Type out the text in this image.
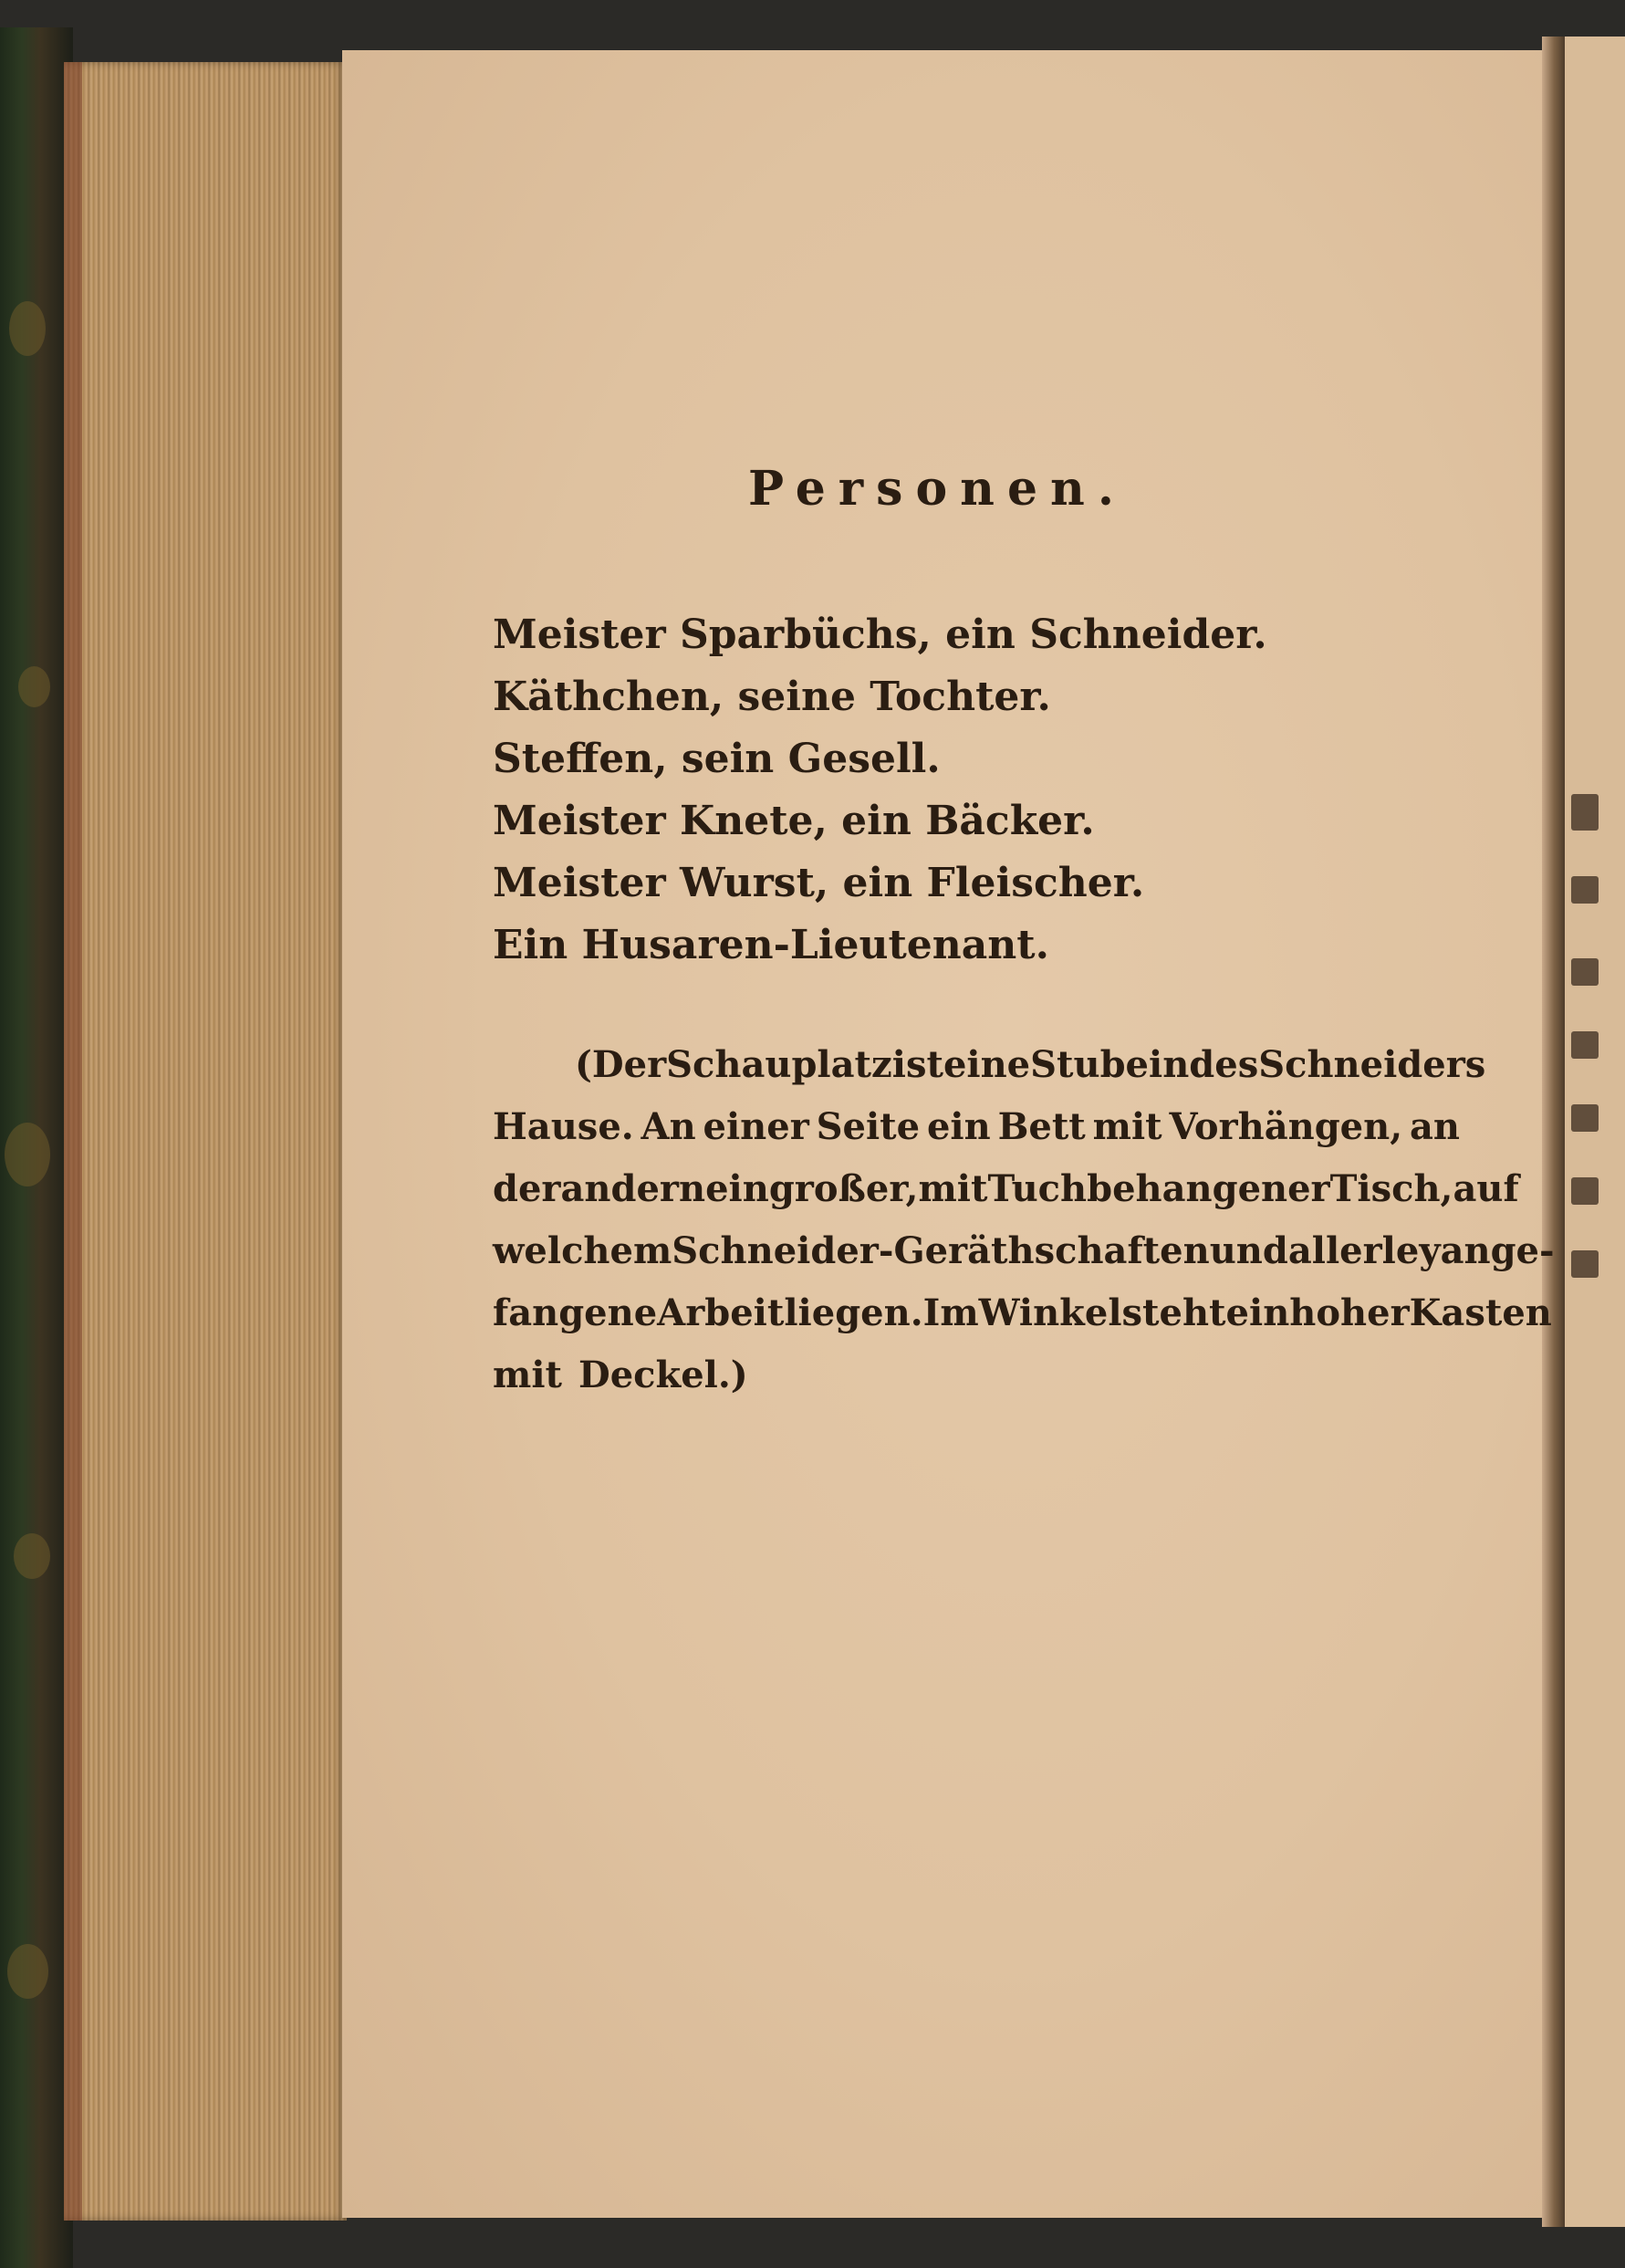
Personen.
Meister Sparbüchs, ein Schneider.
Käthchen, seine Tochter.
Steffen, sein Gesell.
Meister Knete, ein Bäcker.
Meister Wurst, ein Fleischer.
Ein Husaren-Lieutenant.
(Der Schauplatz ist eine Stube in des Schneiders
Hause. An einer Seite ein Bett mit Vorhängen, an
der andern ein großer, mit Tuch behangener Tisch, auf
welchem Schneider-Geräthschaften und allerley ange-
fangene Arbeit liegen. Im Winkel steht ein hoher Kasten
mit Deckel.)
